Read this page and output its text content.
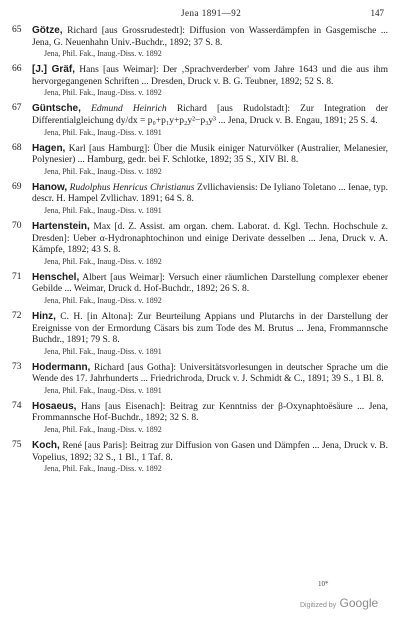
Jena 1891—92	147
65	Götze, Richard [aus Grossrudestedt]: Diffusion von Wasserdämpfen in Gasgemische ... Jena, G. Neuenhahn Univ.-Buchdr., 1892; 37 S. 8.
Jena, Phil. Fak., Inaug.-Diss. v. 1892
66	[J.] Gräf, Hans [aus Weimar]: Der ‚Sprachverderber' vom Jahre 1643 und die aus ihm hervorgegangenen Schriften ... Dresden, Druck v. B. G. Teubner, 1892; 52 S. 8.
Jena, Phil. Fak., Inaug.-Diss. v. 1892
67	Güntsche, Edmund Heinrich Richard [aus Rudolstadt]: Zur Integration der Differentialgleichung dy/dx = p₀+p₁y+p₂y²−p₃y³ ... Jena, Druck v. B. Engau, 1891; 25 S. 4.
Jena, Phil. Fak., Inaug.-Diss. v. 1891
68	Hagen, Karl [aus Hamburg]: Über die Musik einiger Naturvölker (Australier, Melanesier, Polynesier) ... Hamburg, gedr. bei F. Schlotke, 1892; 35 S., XIV Bl. 8.
Jena, Phil. Fak., Inaug.-Diss. v. 1892
69	Hanow, Rudolphus Henricus Christianus Zvllichaviensis: De Iyliano Toletano ... Ienae, typ. descr. H. Hampel Zvllichav. 1891; 64 S. 8.
Jena, Phil. Fak., Inaug.-Diss. v. 1891
70	Hartenstein, Max [d. Z. Assist. am organ. chem. Laborat. d. Kgl. Techn. Hochschule z. Dresden]: Ueber α-Hydronaphtochinon und einige Derivate desselben ... Jena, Druck v. A. Kämpfe, 1892; 43 S. 8.
Jena, Phil. Fak., Inaug.-Diss. v. 1892
71	Henschel, Albert [aus Weimar]: Versuch einer räumlichen Darstellung complexer ebener Gebilde ... Weimar, Druck d. Hof-Buchdr., 1892; 26 S. 8.
Jena, Phil. Fak., Inaug.-Diss. v. 1892
72	Hinz, C. H. [in Altona]: Zur Beurteilung Appians und Plutarchs in der Darstellung der Ereignisse von der Ermordung Cäsars bis zum Tode des M. Brutus ... Jena, Frommannsche Buchdr., 1891; 79 S. 8.
Jena, Phil. Fak., Inaug.-Diss. v. 1891
73	Hodermann, Richard [aus Gotha]: Universitätsvorlesungen in deutscher Sprache um die Wende des 17. Jahrhunderts ... Friedrichroda, Druck v. J. Schmidt & C., 1891; 39 S., 1 Bl. 8.
Jena, Phil. Fak., Inaug.-Diss. v. 1891
74	Hosaeus, Hans [aus Eisenach]: Beitrag zur Kenntniss der β-Oxynaphtoësäure ... Jena, Frommannsche Hof-Buchdr., 1892; 32 S. 8.
Jena, Phil. Fak., Inaug.-Diss. v. 1892
75	Koch, René [aus Paris]: Beitrag zur Diffusion von Gasen und Dämpfen ... Jena, Druck v. B. Vopelius, 1892; 32 S., 1 Bl., 1 Taf. 8.
Jena, Phil. Fak., Inaug.-Diss. v. 1892
10*
Digitized by Google
